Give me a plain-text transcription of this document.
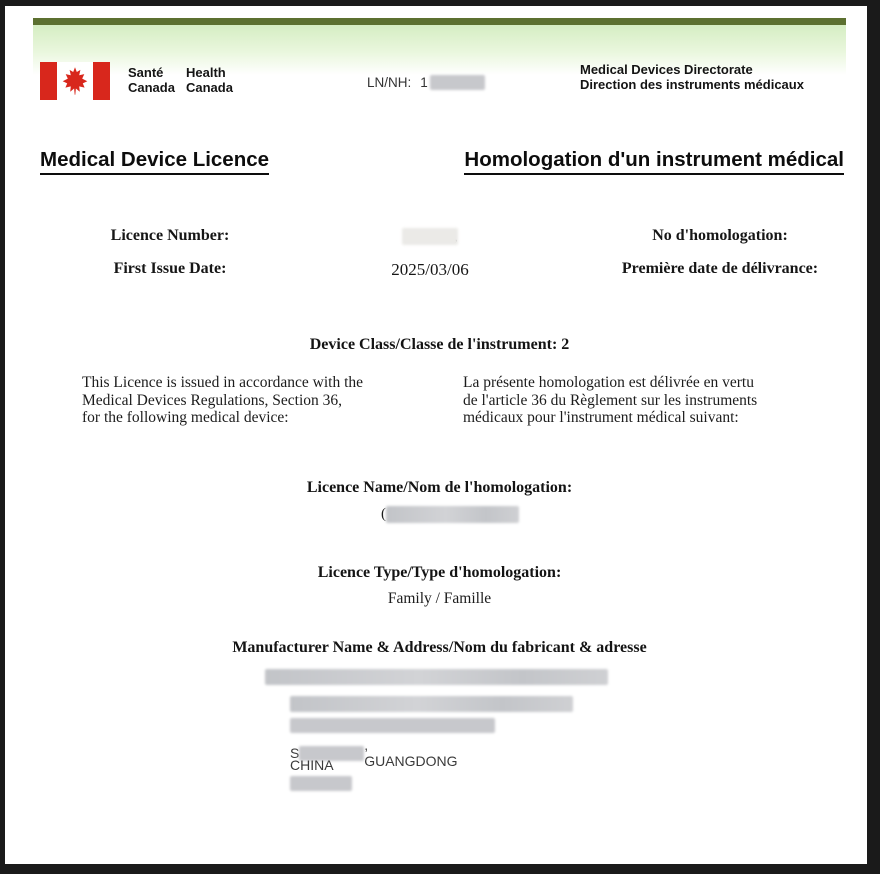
Santé	Health
Canada Canada	LN/NH: 1
Medical Devices Directorate
Direction des instruments médicaux
Medical Device Licence	Homologation d'un instrument médical
Licence Number:	No d'homologation:
First Issue Date:	2025/03/06	Première date de délivrance:
Device Class/Classe de l'instrument: 2
This Licence is issued in accordance with the
Medical Devices Regulations, Section 36,
for the following medical device:
La présente homologation est délivrée en vertu
de l'article 36 du Règlement sur les instruments
médicaux pour l'instrument médical suivant:
Licence Name/Nom de l'homologation:
(
Licence Type/Type d'homologation:
Family / Famille
Manufacturer Name & Address/Nom du fabricant & adresse
S	, GUANGDONG
CHINA
